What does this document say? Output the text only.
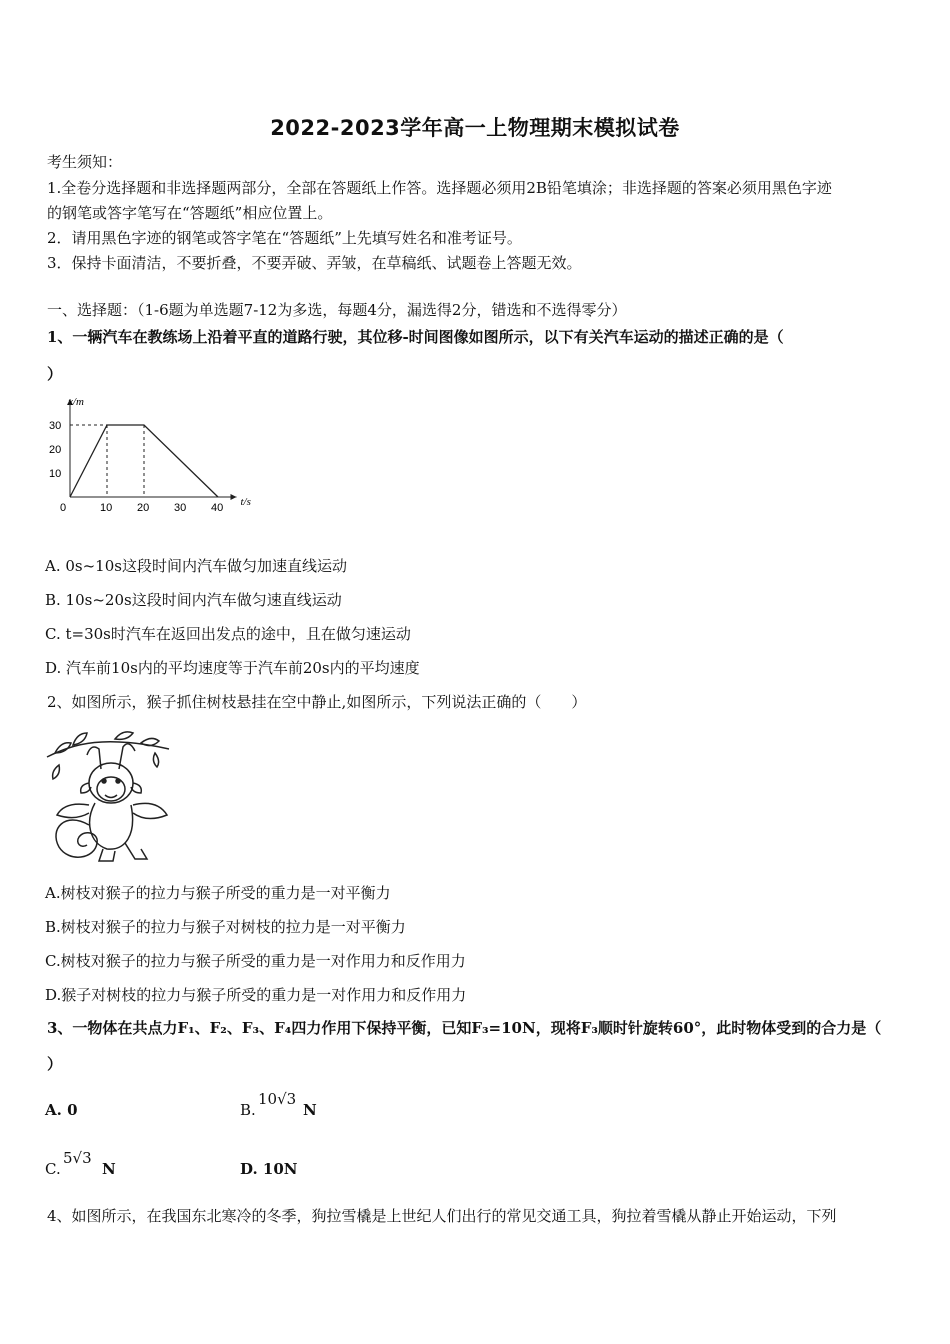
2022-2023学年高一上物理期末模拟试卷
考生须知：
1.全卷分选择题和非选择题两部分，全部在答题纸上作答。选择题必须用2B铅笔填涂；非选择题的答案必须用黑色字迹
的钢笔或答字笔写在“答题纸”相应位置上。
2．请用黑色字迹的钢笔或答字笔在“答题纸”上先填写姓名和准考证号。
3．保持卡面清洁，不要折叠，不要弄破、弄皱，在草稿纸、试题卷上答题无效。
一、选择题：（1-6题为单选题7-12为多选，每题4分，漏选得2分，错选和不选得零分）
1、一辆汽车在教练场上沿着平直的道路行驶，其位移-时间图像如图所示，以下有关汽车运动的描述正确的是（
）
x/m
t/s
0	10 20 30 40
10
20
30
A. 0s~10s这段时间内汽车做匀加速直线运动
B. 10s~20s这段时间内汽车做匀速直线运动
C. t=30s时汽车在返回出发点的途中，且在做匀速运动
D. 汽车前10s内的平均速度等于汽车前20s内的平均速度
2、如图所示，猴子抓住树枝悬挂在空中静止,如图所示，下列说法正确的（　　）
A.树枝对猴子的拉力与猴子所受的重力是一对平衡力
B.树枝对猴子的拉力与猴子对树枝的拉力是一对平衡力
C.树枝对猴子的拉力与猴子所受的重力是一对作用力和反作用力
D.猴子对树枝的拉力与猴子所受的重力是一对作用力和反作用力
3、一物体在共点力F₁、F₂、F₃、F₄四力作用下保持平衡，已知F₃=10N，现将F₃顺时针旋转60°，此时物体受到的合力是（
）
A. 0	B.
10√3
N
C.
5√3
N	D. 10N
4、如图所示，在我国东北寒冷的冬季，狗拉雪橇是上世纪人们出行的常见交通工具，狗拉着雪橇从静止开始运动，下列
